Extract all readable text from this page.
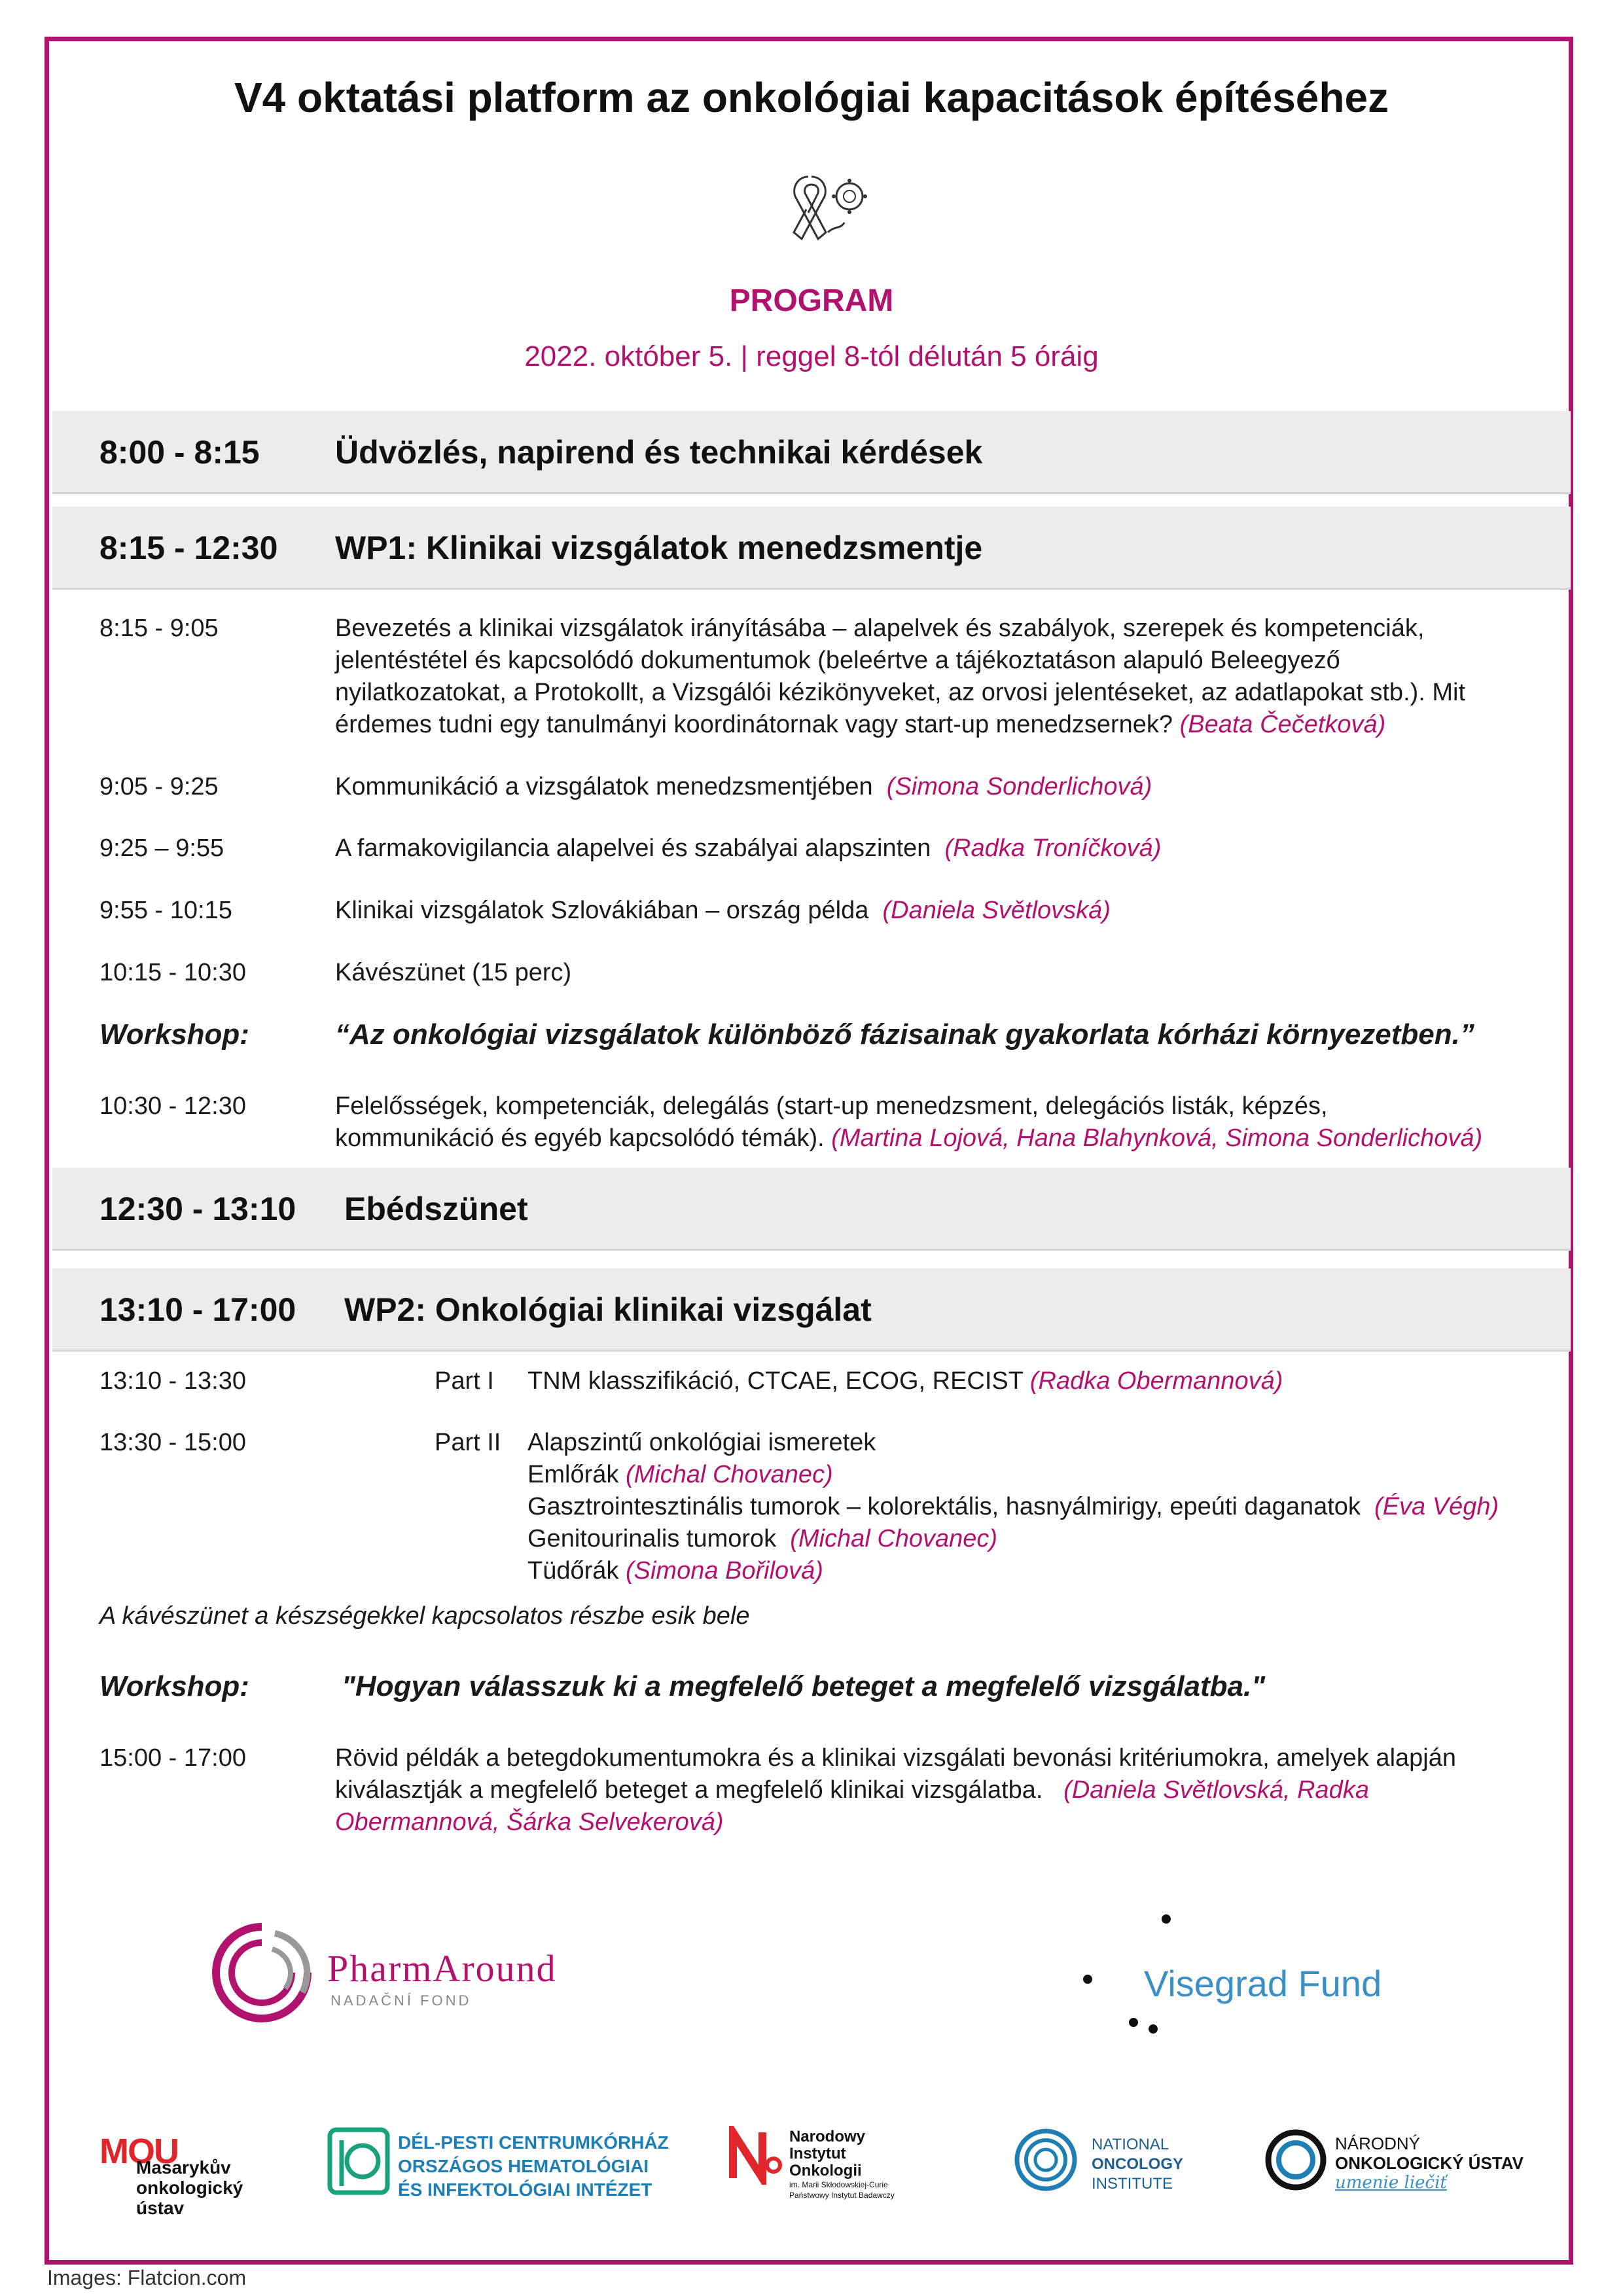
V4 oktatási platform az onkológiai kapacitások építéséhez
PROGRAM
2022. október 5. | reggel 8-tól délután 5 óráig
8:00 - 8:15 Üdvözlés, napirend és technikai kérdések
8:15 - 12:30 WP1: Klinikai vizsgálatok menedzsmentje
8:15 - 9:05	Bevezetés a klinikai vizsgálatok irányításába – alapelvek és szabályok, szerepek és kompetenciák,
jelentéstétel és kapcsolódó dokumentumok (beleértve a tájékoztatáson alapuló Beleegyező
nyilatkozatokat, a Protokollt, a Vizsgálói kézikönyveket, az orvosi jelentéseket, az adatlapokat stb.). Mit
érdemes tudni egy tanulmányi koordinátornak vagy start-up menedzsernek? (Beata Čečetková)
9:05 - 9:25	Kommunikáció a vizsgálatok menedzsmentjében (Simona Sonderlichová)
9:25 – 9:55	A farmakovigilancia alapelvei és szabályai alapszinten (Radka Troníčková)
9:55 - 10:15	Klinikai vizsgálatok Szlovákiában – ország példa (Daniela Světlovská)
10:15 - 10:30	Kávészünet (15 perc)
Workshop:	“Az onkológiai vizsgálatok különböző fázisainak gyakorlata kórházi környezetben.”
10:30 - 12:30	Felelősségek, kompetenciák, delegálás (start-up menedzsment, delegációs listák, képzés,
kommunikáció és egyéb kapcsolódó témák). (Martina Lojová, Hana Blahynková, Simona Sonderlichová)
12:30 - 13:10 Ebédszünet
13:10 - 17:00 WP2: Onkológiai klinikai vizsgálat
13:10 - 13:30	Part I TNM klasszifikáció, CTCAE, ECOG, RECIST (Radka Obermannová)
13:30 - 15:00	Part II Alapszintű onkológiai ismeretek
Emlőrák (Michal Chovanec)
Gasztrointesztinális tumorok – kolorektális, hasnyálmirigy, epeúti daganatok (Éva Végh)
Genitourinalis tumorok (Michal Chovanec)
Tüdőrák (Simona Bořilová)
A kávészünet a készségekkel kapcsolatos részbe esik bele
Workshop:	"Hogyan válasszuk ki a megfelelő beteget a megfelelő vizsgálatba."
15:00 - 17:00	Rövid példák a betegdokumentumokra és a klinikai vizsgálati bevonási kritériumokra, amelyek alapján
kiválasztják a megfelelő beteget a megfelelő klinikai vizsgálatba. (Daniela Světlovská, Radka
Obermannová, Šárka Selvekerová)
PharmAround
NADAČNÍ FOND	Visegrad Fund
MOU
Masarykův
onkologický
ústav
DÉL-PESTI CENTRUMKÓRHÁZ
ORSZÁGOS HEMATOLÓGIAI
ÉS INFEKTOLÓGIAI INTÉZET
Narodowy
Instytut
Onkologii
im. Marii Skłodowskiej-Curie
Państwowy Instytut Badawczy
NATIONAL
ONCOLOGY
INSTITUTE
NÁRODNÝ
ONKOLOGICKÝ ÚSTAV
umenie liečiť
Images: Flatcion.com
